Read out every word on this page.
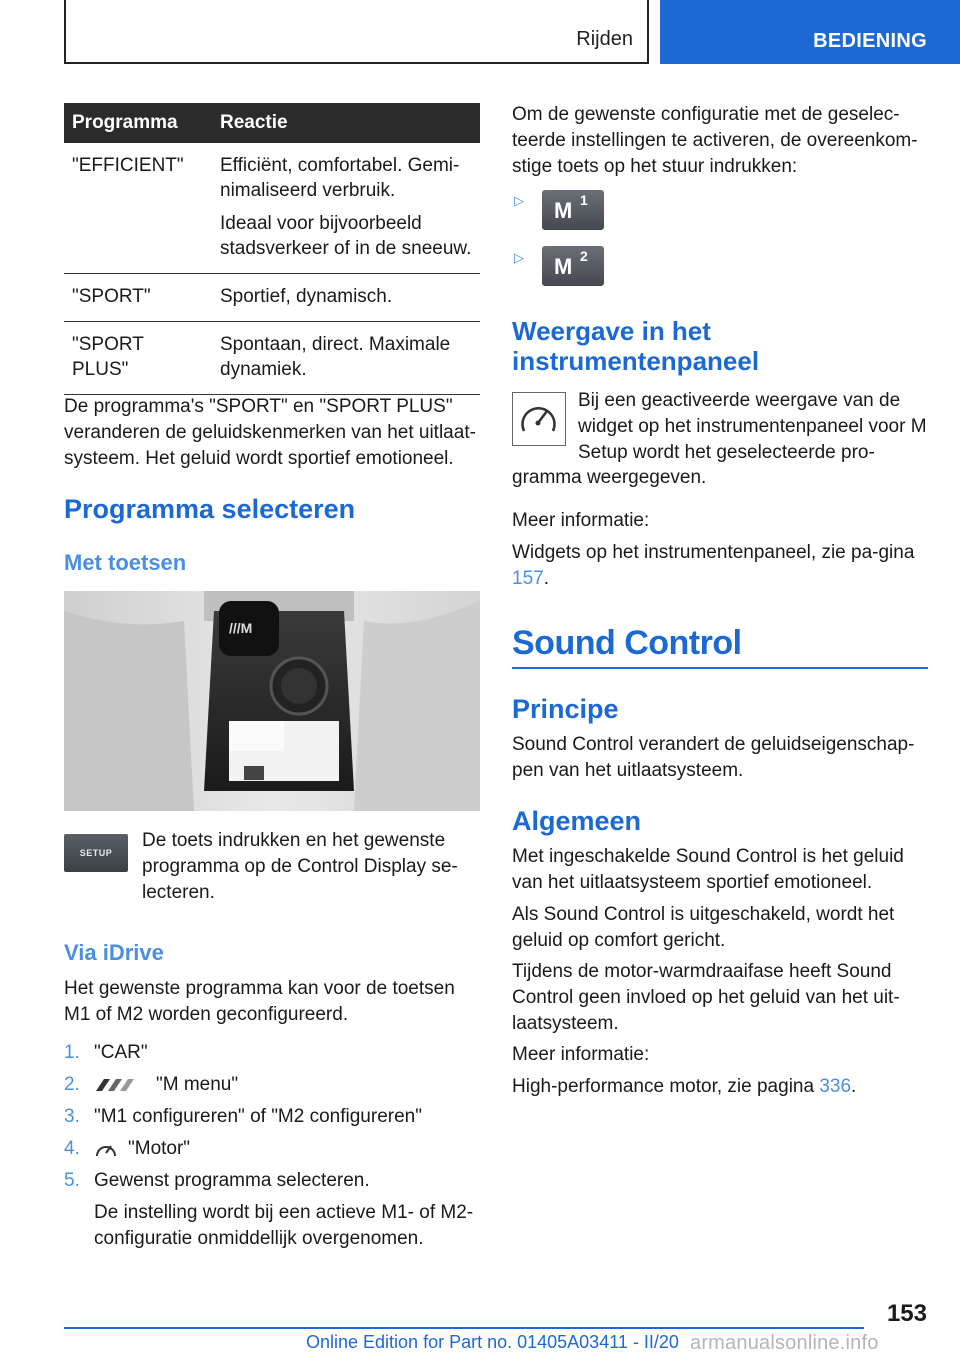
Rijden	BEDIENING
Programma	Reactie
"EFFICIENT"	Efficiënt, comfortabel. Gemi-nimaliseerd verbruik.

Ideaal voor bijvoorbeeld stadsverkeer of in de sneeuw.

"SPORT"	Sportief, dynamisch.

"SPORT PLUS"	Spontaan, direct. Maximale dynamiek.

De programma's "SPORT" en "SPORT PLUS" veranderen de geluidskenmerken van het uitlaat-systeem. Het geluid wordt sportief emotioneel.
Programma selecteren
Met toetsen
///M
SETUP
De toets indrukken en het gewenste programma op de Control Display se-lecteren.
Via iDrive
Het gewenste programma kan voor de toetsen M1 of M2 worden geconfigureerd.
1. "CAR"
2.	"M menu"
3. "M1 configureren" of "M2 configureren"
4.	"Motor"
5. Gewenst programma selecteren.
De instelling wordt bij een actieve M1- of M2-configuratie onmiddellijk overgenomen.
Om de gewenste configuratie met de geselec-teerde instellingen te activeren, de overeenkom-stige toets op het stuur indrukken:
▷ M 1
▷ M 2
Weergave in het instrumentenpaneel
Bij een geactiveerde weergave van de widget op het instrumentenpaneel voor M Setup wordt het geselecteerde pro-
gramma weergegeven.
Meer informatie:
Widgets op het instrumentenpaneel, zie pa-gina 157.
Sound Control
Principe
Sound Control verandert de geluidseigenschap-pen van het uitlaatsysteem.
Algemeen
Met ingeschakelde Sound Control is het geluid van het uitlaatsysteem sportief emotioneel.
Als Sound Control is uitgeschakeld, wordt het geluid op comfort gericht.
Tijdens de motor-warmdraaifase heeft Sound Control geen invloed op het geluid van het uit-laatsysteem.
Meer informatie:
High-performance motor, zie pagina 336.
153
Online Edition for Part no. 01405A03411 - II/20 armanualsonline.info
